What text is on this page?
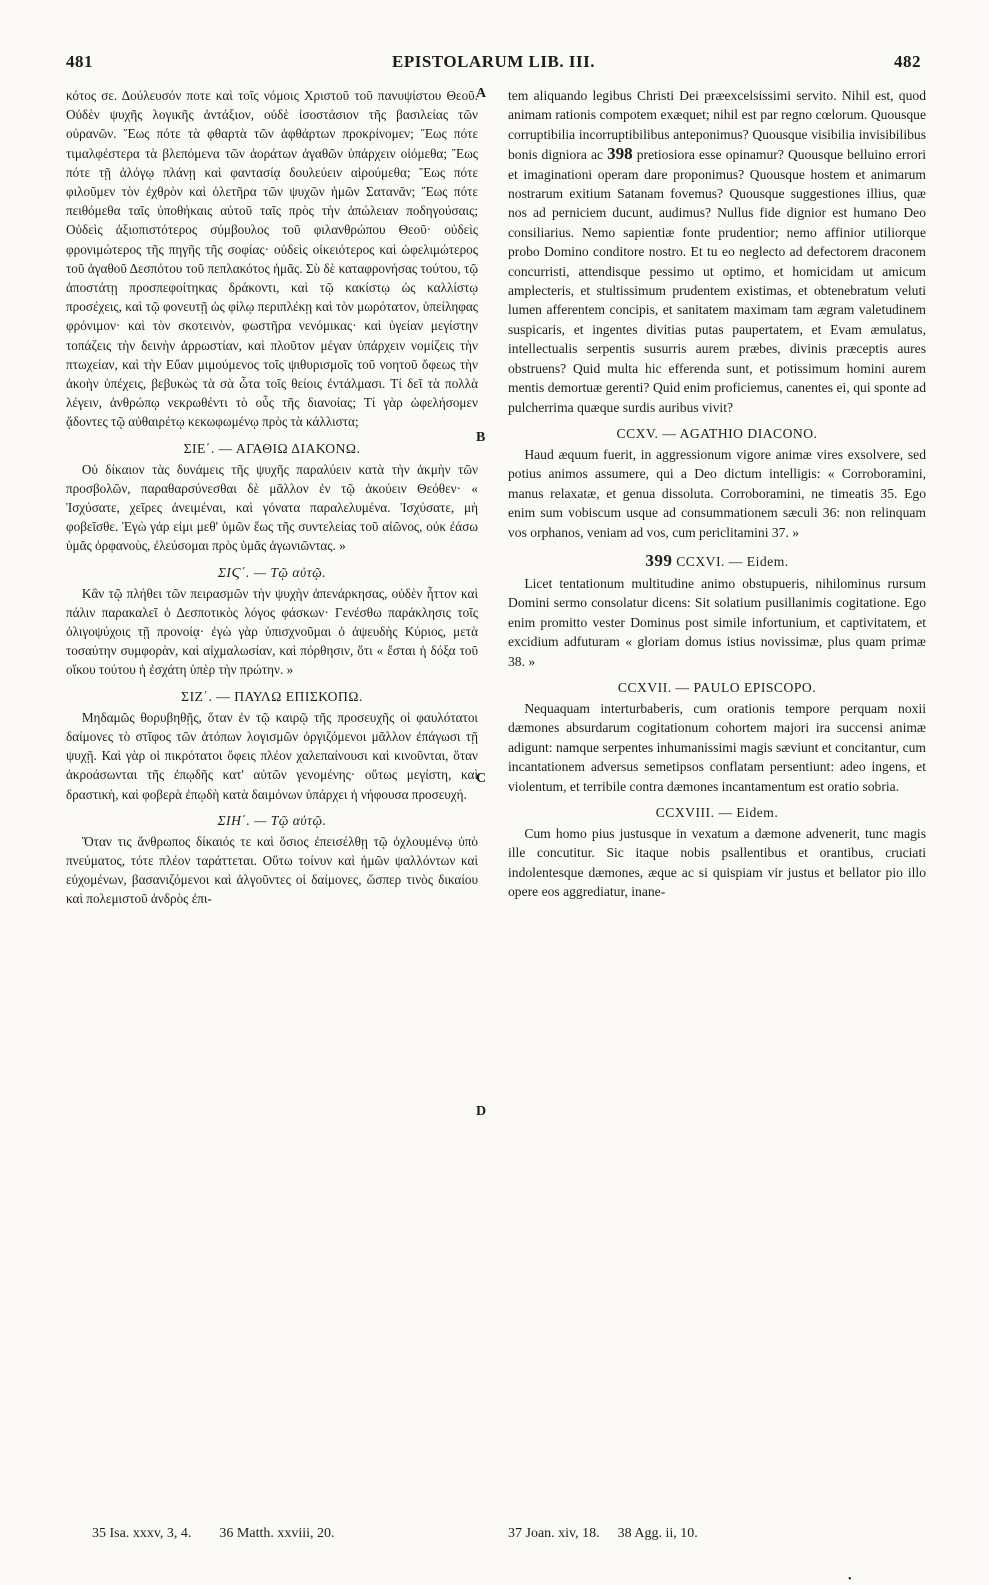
481	EPISTOLARUM LIB. III.	482
A
B
C
D

κότος σε. Δούλευσόν ποτε καὶ τοῖς νόμοις Χριστοῦ τοῦ πανυψίστου Θεοῦ. Οὐδὲν ψυχῆς λογικῆς ἀντάξιον, οὐδὲ ἰσοστάσιον τῆς βασιλείας τῶν οὐρανῶν. Ἕως πότε τὰ φθαρτὰ τῶν ἀφθάρτων προκρίνομεν; Ἕως πότε τιμαλφέστερα τὰ βλεπόμενα τῶν ἀοράτων ἀγαθῶν ὑπάρχειν οἰόμεθα; Ἕως πότε τῇ ἀλόγῳ πλάνῃ καὶ φαντασίᾳ δουλεύειν αἱρούμεθα; Ἕως πότε φιλοῦμεν τὸν ἐχθρὸν καὶ ὀλετῆρα τῶν ψυχῶν ἡμῶν Σατανᾶν; Ἕως πότε πειθόμεθα ταῖς ὑποθήκαις αὐτοῦ ταῖς πρὸς τὴν ἀπώλειαν ποδηγούσαις; Οὐδεὶς ἀξιοπιστότερος σύμβουλος τοῦ φιλανθρώπου Θεοῦ· οὐδεὶς φρονιμώτερος τῆς πηγῆς τῆς σοφίας· οὐδεὶς οἰκειότερος καὶ ὠφελιμώτερος τοῦ ἀγαθοῦ Δεσπότου τοῦ πεπλακότος ἡμᾶς. Σὺ δὲ καταφρονήσας τούτου, τῷ ἀποστάτῃ προσπεφοίτηκας δράκοντι, καὶ τῷ κακίστῳ ὡς καλλίστῳ προσέχεις, καὶ τῷ φονευτῇ ὡς φίλῳ περιπλέκῃ καὶ τὸν μωρότατον, ὑπείληφας φρόνιμον· καὶ τὸν σκοτεινὸν, φωστῆρα νενόμικας· καὶ ὑγείαν μεγίστην τοπάζεις τὴν δεινὴν ἀρρωστίαν, καὶ πλοῦτον μέγαν ὑπάρχειν νομίζεις τὴν πτωχείαν, καὶ τὴν Εὔαν μιμούμενος τοῖς ψιθυρισμοῖς τοῦ νοητοῦ ὄφεως τὴν ἀκοὴν ὑπέχεις, βεβυκὼς τὰ σὰ ὦτα τοῖς θείοις ἐντάλμασι. Τί δεῖ τὰ πολλὰ λέγειν, ἀνθρώπῳ νεκρωθέντι τὸ οὖς τῆς διανοίας; Τί γὰρ ὠφελήσομεν ᾄδοντες τῷ αὐθαιρέτῳ κεκωφωμένῳ πρὸς τὰ κάλλιστα;

ΣΙΕ΄. — ΑΓΑΘΙΩ ΔΙΑΚΟΝΩ.

Οὐ δίκαιον τὰς δυνάμεις τῆς ψυχῆς παραλύειν κατὰ τὴν ἀκμὴν τῶν προσβολῶν, παραθαρσύνεσθαι δὲ μᾶλλον ἐν τῷ ἀκούειν Θεόθεν· « Ἰσχύσατε, χεῖρες ἀνειμέναι, καὶ γόνατα παραλελυμένα. Ἰσχύσατε, μὴ φοβεῖσθε. Ἐγὼ γάρ εἰμι μεθ' ὑμῶν ἕως τῆς συντελείας τοῦ αἰῶνος, οὐκ ἐάσω ὑμᾶς ὀρφανοὺς, ἐλεύσομαι πρὸς ὑμᾶς ἀγωνιῶντας. »

ΣΙϚ΄. — Τῷ αὐτῷ.

Κἂν τῷ πλήθει τῶν πειρασμῶν τὴν ψυχὴν ἀπενάρκησας, οὐδὲν ἧττον καὶ πάλιν παρακαλεῖ ὁ Δεσποτικὸς λόγος φάσκων· Γενέσθω παράκλησις τοῖς ὀλιγοψύχοις τῇ προνοίᾳ· ἐγὼ γὰρ ὑπισχνοῦμαι ὁ ἀψευδὴς Κύριος, μετὰ τοσαύτην συμφορὰν, καὶ αἰχμαλωσίαν, καὶ πόρθησιν, ὅτι « ἔσται ἡ δόξα τοῦ οἴκου τούτου ἡ ἐσχάτη ὑπὲρ τὴν πρώτην. »

ΣΙΖ΄. — ΠΑΥΛΩ ΕΠΙΣΚΟΠΩ.

Μηδαμῶς θορυβηθῇς, ὅταν ἐν τῷ καιρῷ τῆς προσευχῆς οἱ φαυλότατοι δαίμονες τὸ στῖφος τῶν ἀτόπων λογισμῶν ὀργιζόμενοι μᾶλλον ἐπάγωσι τῇ ψυχῇ. Καὶ γὰρ οἱ πικρότατοι ὄφεις πλέον χαλεπαίνουσι καὶ κινοῦνται, ὅταν ἀκροάσωνται τῆς ἐπῳδῆς κατ' αὐτῶν γενομένης· οὕτως μεγίστη, καὶ δραστικὴ, καὶ φοβερὰ ἐπῳδὴ κατὰ δαιμόνων ὑπάρχει ἡ νήφουσα προσευχή.

ΣΙΗ΄. — Τῷ αὐτῷ.

Ὅταν τις ἄνθρωπος δίκαιός τε καὶ ὅσιος ἐπεισέλθῃ τῷ ὀχλουμένῳ ὑπὸ πνεύματος, τότε πλέον ταράττεται. Οὕτω τοίνυν καὶ ἡμῶν ψαλλόντων καὶ εὐχομένων, βασανιζόμενοι καὶ ἀλγοῦντες οἱ δαίμονες, ὥσπερ τινὸς δικαίου καὶ πολεμιστοῦ ἀνδρὸς ἐπι-

tem aliquando legibus Christi Dei præexcelsissimi servito. Nihil est, quod animam rationis compotem exæquet; nihil est par regno cœlorum. Quousque corruptibilia incorruptibilibus anteponimus? Quousque visibilia invisibilibus bonis digniora ac 398 pretiosiora esse opinamur? Quousque belluino errori et imaginationi operam dare proponimus? Quousque hostem et animarum nostrarum exitium Satanam fovemus? Quousque suggestiones illius, quæ nos ad perniciem ducunt, audimus? Nullus fide dignior est humano Deo consiliarius. Nemo sapientiæ fonte prudentior; nemo affinior utiliorque probo Domino conditore nostro. Et tu eo neglecto ad defectorem draconem concurristi, attendisque pessimo ut optimo, et homicidam ut amicum amplecteris, et stultissimum prudentem existimas, et obtenebratum veluti lumen afferentem concipis, et sanitatem maximam tam ægram valetudinem suspicaris, et ingentes divitias putas paupertatem, et Evam æmulatus, intellectualis serpentis susurris aurem præbes, divinis præceptis aures obstruens? Quid multa hic efferenda sunt, et potissimum homini aurem mentis demortuæ gerenti? Quid enim proficiemus, canentes ei, qui sponte ad pulcherrima quæque surdis auribus vivit?

CCXV. — AGATHIO DIACONO.

Haud æquum fuerit, in aggressionum vigore animæ vires exsolvere, sed potius animos assumere, qui a Deo dictum intelligis: « Corroboramini, manus relaxatæ, et genua dissoluta. Corroboramini, ne timeatis 35. Ego enim sum vobiscum usque ad consummationem sæculi 36: non relinquam vos orphanos, veniam ad vos, cum periclitamini 37. »

399 CCXVI. — Eidem.

Licet tentationum multitudine animo obstupueris, nihilominus rursum Domini sermo consolatur dicens: Sit solatium pusillanimis cogitatione. Ego enim promitto vester Dominus post simile infortunium, et captivitatem, et excidium adfuturam « gloriam domus istius novissimæ, plus quam primæ 38. »

CCXVII. — PAULO EPISCOPO.

Nequaquam interturbaberis, cum orationis tempore perquam noxii dæmones absurdarum cogitationum cohortem majori ira succensi animæ adigunt: namque serpentes inhumanissimi magis sæviunt et concitantur, cum incantationem adversus semetipsos conflatam persentiunt: adeo ingens, et violentum, et terribile contra dæmones incantamentum est oratio sobria.

CCXVIII. — Eidem.

Cum homo pius justusque in vexatum a dæmone advenerit, tunc magis ille concutitur. Sic itaque nobis psallentibus et orantibus, cruciati indolentesque dæmones, æque ac si quispiam vir justus et bellator pio illo opere eos aggrediatur, inane-

35 Isa. xxxv, 3, 4. 36 Matth. xxviii, 20.	37 Joan. xiv, 18. 38 Agg. ii, 10.
•
